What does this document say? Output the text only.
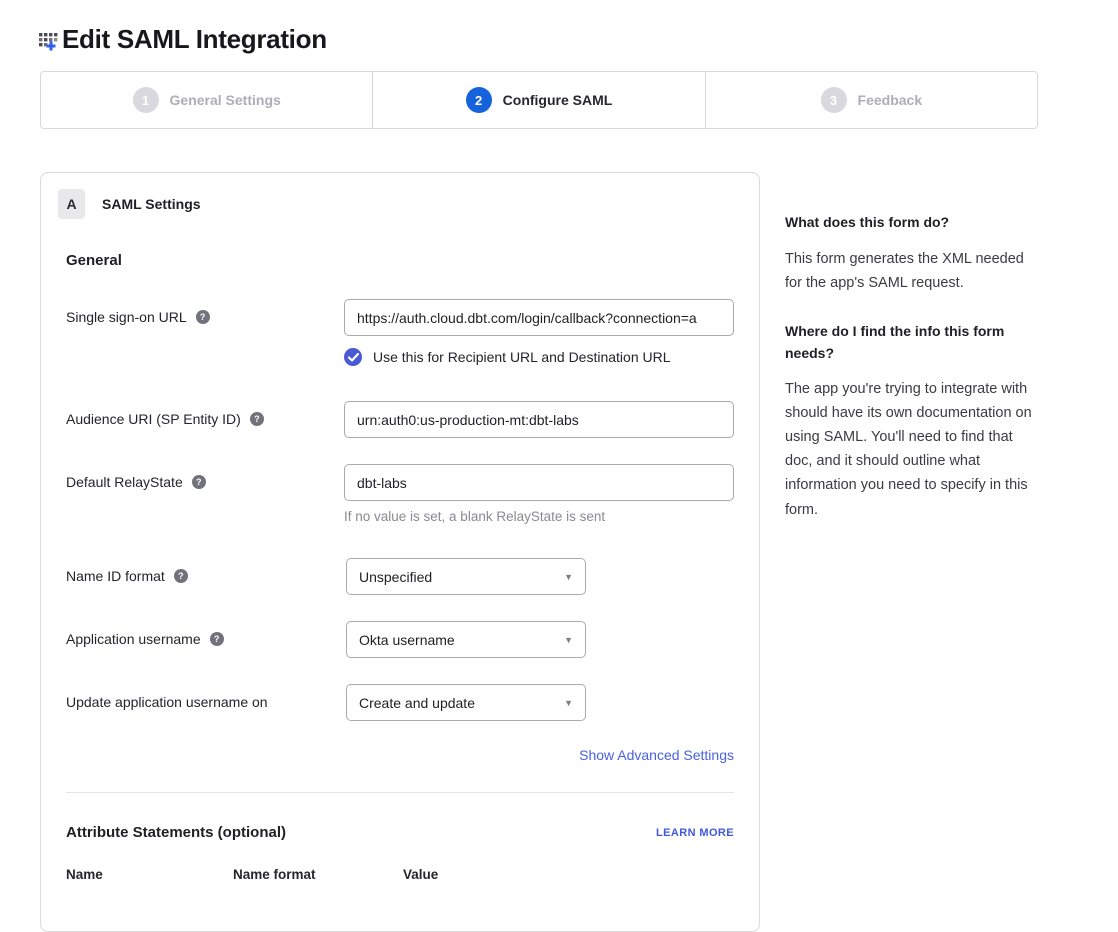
Edit SAML Integration
1	General Settings	2	Configure SAML	3	Feedback
A	SAML Settings
General
Single sign-on URL	?
https://auth.cloud.dbt.com/login/callback?connection=a
Use this for Recipient URL and Destination URL
Audience URI (SP Entity ID)	?
urn:auth0:us-production-mt:dbt-labs
Default RelayState	?
dbt-labs
If no value is set, a blank RelayState is sent
Name ID format	?	Unspecified	▼
Application username	?	Okta username	▼
Update application username on	Create and update	▼
Show Advanced Settings
Attribute Statements (optional)	LEARN MORE
Name	Name format	Value
What does this form do?

This form generates the XML needed for the app's SAML request.

Where do I find the info this form needs?

The app you're trying to integrate with should have its own documentation on using SAML. You'll need to find that doc, and it should outline what information you need to specify in this form.
